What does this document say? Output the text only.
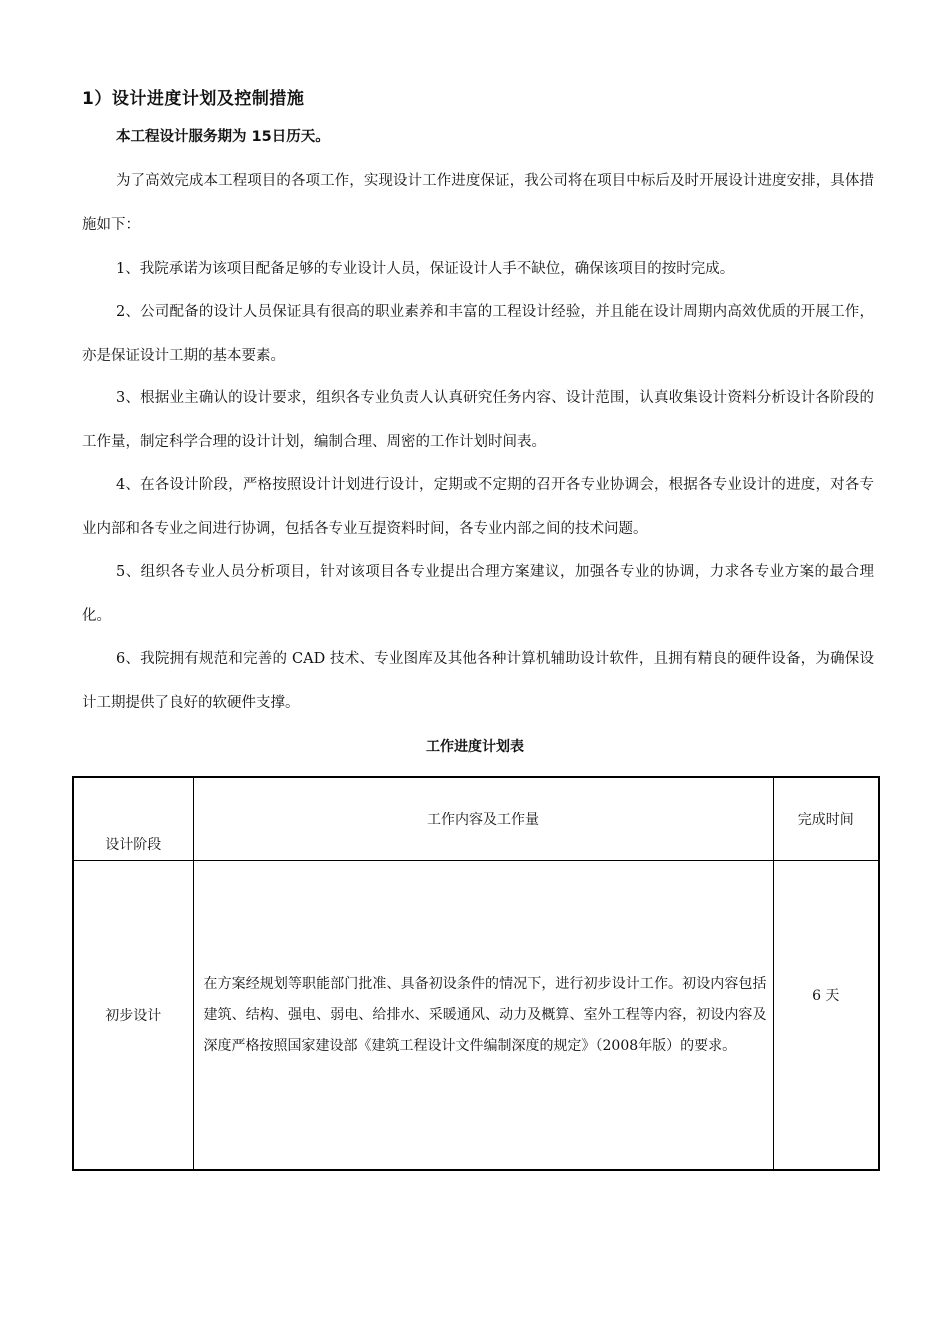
1）设计进度计划及控制措施
本工程设计服务期为 15日历天。

为了高效完成本工程项目的各项工作，实现设计工作进度保证，我公司将在项目中标后及时开展设计进度安排，具体措施如下：

1、我院承诺为该项目配备足够的专业设计人员，保证设计人手不缺位，确保该项目的按时完成。

2、公司配备的设计人员保证具有很高的职业素养和丰富的工程设计经验，并且能在设计周期内高效优质的开展工作，亦是保证设计工期的基本要素。

3、根据业主确认的设计要求，组织各专业负责人认真研究任务内容、设计范围，认真收集设计资料分析设计各阶段的工作量，制定科学合理的设计计划，编制合理、周密的工作计划时间表。

4、在各设计阶段，严格按照设计计划进行设计，定期或不定期的召开各专业协调会，根据各专业设计的进度，对各专业内部和各专业之间进行协调，包括各专业互提资料时间，各专业内部之间的技术问题。

5、组织各专业人员分析项目，针对该项目各专业提出合理方案建议，加强各专业的协调，力求各专业方案的最合理化。

6、我院拥有规范和完善的 CAD 技术、专业图库及其他各种计算机辅助设计软件，且拥有精良的硬件设备，为确保设计工期提供了良好的软硬件支撑。

工作进度计划表
设计阶段	工作内容及工作量	完成时间
初步设计	在方案经规划等职能部门批准、具备初设条件的情况下，进行初步设计工作。初设内容包括建筑、结构、强电、弱电、给排水、采暖通风、动力及概算、室外工程等内容，初设内容及深度严格按照国家建设部《建筑工程设计文件编制深度的规定》（2008年版）的要求。	6 天
